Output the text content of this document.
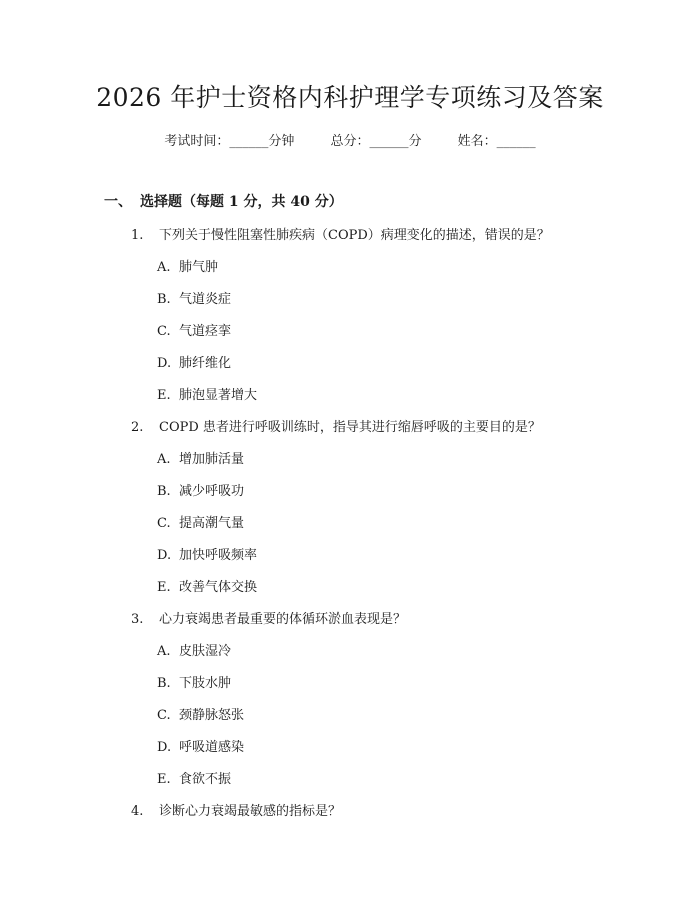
2026 年护士资格内科护理学专项练习及答案
考试时间：______分钟	总分：______分	姓名：______
一、 选择题（每题 1 分，共 40 分）
1. 下列关于慢性阻塞性肺疾病（COPD）病理变化的描述，错误的是？
A. 肺气肿
B. 气道炎症
C. 气道痉挛
D. 肺纤维化
E. 肺泡显著增大
2. COPD 患者进行呼吸训练时，指导其进行缩唇呼吸的主要目的是？
A. 增加肺活量
B. 减少呼吸功
C. 提高潮气量
D. 加快呼吸频率
E. 改善气体交换
3. 心力衰竭患者最重要的体循环淤血表现是？
A. 皮肤湿冷
B. 下肢水肿
C. 颈静脉怒张
D. 呼吸道感染
E. 食欲不振
4. 诊断心力衰竭最敏感的指标是？
